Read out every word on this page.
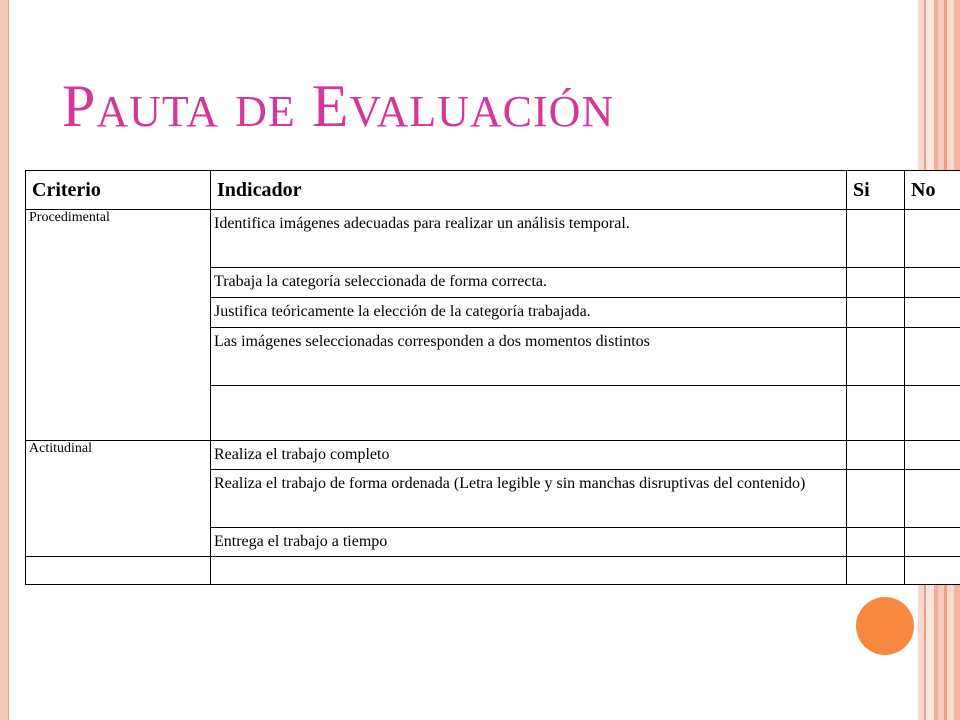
PAUTA DE EVALUACIÓN
Criterio	Indicador	Si	No
Procedimental	Identifica imágenes adecuadas para realizar un análisis temporal.		
	Trabaja la categoría seleccionada de forma correcta.		
	Justifica teóricamente la elección de la categoría trabajada.		
	Las imágenes seleccionadas corresponden a dos momentos distintos		

Actitudinal	Realiza el trabajo completo		
	Realiza el trabajo de forma ordenada (Letra legible y sin manchas disruptivas del contenido)		
	Entrega el trabajo a tiempo		
